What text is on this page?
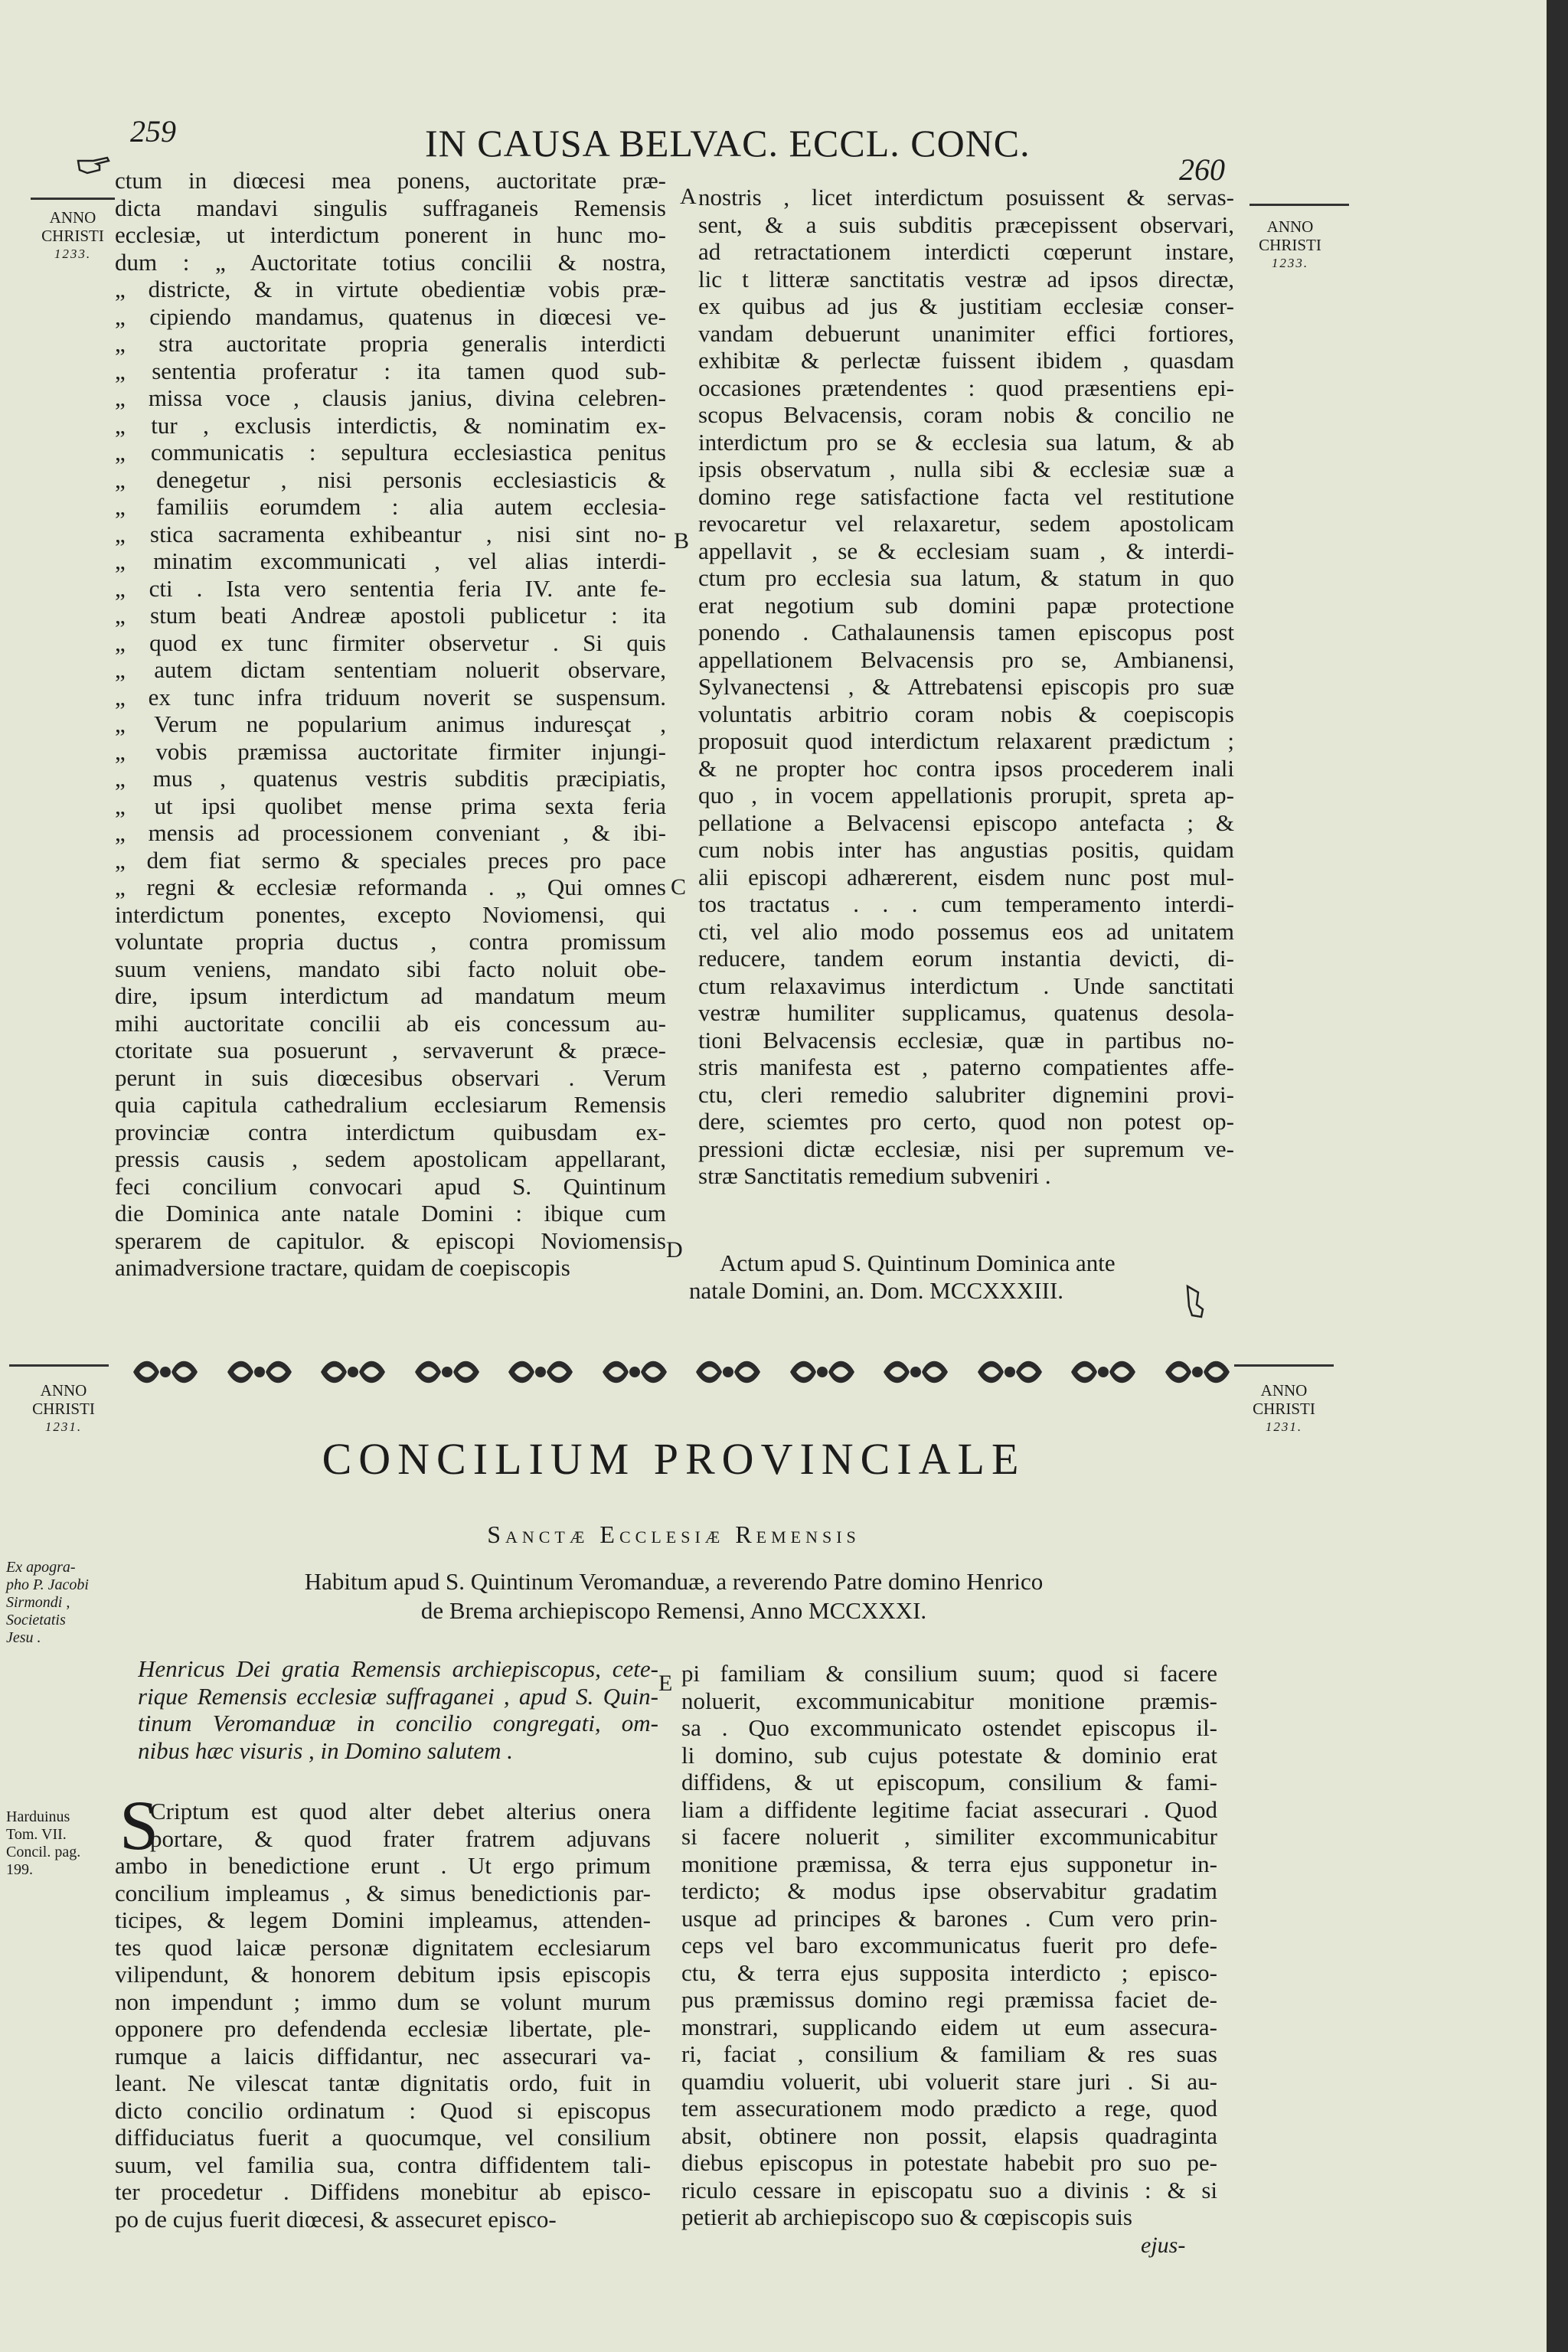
259	IN CAUSA BELVAC. ECCL. CONC.
260
ANNO
CHRISTI
1233.
ANNO
CHRISTI
1233.
A
B
C
D
E
ctum in diœcesi mea ponens, auctoritate præ-
dicta mandavi singulis suffraganeis Remensis
ecclesiæ, ut interdictum ponerent in hunc mo-
dum : „ Auctoritate totius concilii & nostra,
„ districte, & in virtute obedientiæ vobis præ-
„ cipiendo mandamus, quatenus in diœcesi ve-
„ stra auctoritate propria generalis interdicti
„ sententia proferatur : ita tamen quod sub-
„ missa voce , clausis janius, divina celebren-
„ tur , exclusis interdictis, & nominatim ex-
„ communicatis : sepultura ecclesiastica penitus
„ denegetur , nisi personis ecclesiasticis &
„ familiis eorumdem : alia autem ecclesia-
„ stica sacramenta exhibeantur , nisi sint no-
„ minatim excommunicati , vel alias interdi-
„ cti . Ista vero sententia feria IV. ante fe-
„ stum beati Andreæ apostoli publicetur : ita
„ quod ex tunc firmiter observetur . Si quis
„ autem dictam sententiam noluerit observare,
„ ex tunc infra triduum noverit se suspensum.
„ Verum ne popularium animus induresçat ,
„ vobis præmissa auctoritate firmiter injungi-
„ mus , quatenus vestris subditis præcipiatis,
„ ut ipsi quolibet mense prima sexta feria
„ mensis ad processionem conveniant , & ibi-
„ dem fiat sermo & speciales preces pro pace
„ regni & ecclesiæ reformanda . „ Qui omnes
interdictum ponentes, excepto Noviomensi, qui
voluntate propria ductus , contra promissum
suum veniens, mandato sibi facto noluit obe-
dire, ipsum interdictum ad mandatum meum
mihi auctoritate concilii ab eis concessum au-
ctoritate sua posuerunt , servaverunt & præce-
perunt in suis diœcesibus observari . Verum
quia capitula cathedralium ecclesiarum Remensis
provinciæ contra interdictum quibusdam ex-
pressis causis , sedem apostolicam appellarant,
feci concilium convocari apud S. Quintinum
die Dominica ante natale Domini : ibique cum
sperarem de capitulor. & episcopi Noviomensis
animadversione tractare, quidam de coepiscopis
nostris , licet interdictum posuissent & servas-
sent, & a suis subditis præcepissent observari,
ad retractationem interdicti cœperunt instare,
lic t litteræ sanctitatis vestræ ad ipsos directæ,
ex quibus ad jus & justitiam ecclesiæ conser-
vandam debuerunt unanimiter effici fortiores,
exhibitæ & perlectæ fuissent ibidem , quasdam
occasiones prætendentes : quod præsentiens epi-
scopus Belvacensis, coram nobis & concilio ne
interdictum pro se & ecclesia sua latum, & ab
ipsis observatum , nulla sibi & ecclesiæ suæ a
domino rege satisfactione facta vel restitutione
revocaretur vel relaxaretur, sedem apostolicam
appellavit , se & ecclesiam suam , & interdi-
ctum pro ecclesia sua latum, & statum in quo
erat negotium sub domini papæ protectione
ponendo . Cathalaunensis tamen episcopus post
appellationem Belvacensis pro se, Ambianensi,
Sylvanectensi , & Attrebatensi episcopis pro suæ
voluntatis arbitrio coram nobis & coepiscopis
proposuit quod interdictum relaxarent prædictum ;
& ne propter hoc contra ipsos procederem inali
quo , in vocem appellationis prorupit, spreta ap-
pellatione a Belvacensi episcopo antefacta ; &
cum nobis inter has angustias positis, quidam
alii episcopi adhærerent, eisdem nunc post mul-
tos tractatus . . . cum temperamento interdi-
cti, vel alio modo possemus eos ad unitatem
reducere, tandem eorum instantia devicti, di-
ctum relaxavimus interdictum . Unde sanctitati
vestræ humiliter supplicamus, quatenus desola-
tioni Belvacensis ecclesiæ, quæ in partibus no-
stris manifesta est , paterno compatientes affe-
ctu, cleri remedio salubriter dignemini provi-
dere, sciemtes pro certo, quod non potest op-
pressioni dictæ ecclesiæ, nisi per supremum ve-
stræ Sanctitatis remedium subveniri .
Actum apud S. Quintinum Dominica ante
natale Domini, an. Dom. MCCXXXIII.
ANNO
CHRISTI
1231.
ANNO
CHRISTI
1231.
CONCILIUM PROVINCIALE
Sanctæ Ecclesiæ Remensis
Habitum apud S. Quintinum Veromanduæ, a reverendo Patre domino Henrico
de Brema archiepiscopo Remensi, Anno MCCXXXI.
Ex apogra-
pho P. Jacobi
Sirmondi ,
Societatis
Jesu .
Harduinus
Tom. VII.
Concil. pag.
199.
Henricus Dei gratia Remensis archiepiscopus, cete-
rique Remensis ecclesiæ suffraganei , apud S. Quin-
tinum Veromanduæ in concilio congregati, om-
nibus hæc visuris , in Domino salutem .
S
Criptum est quod alter debet alterius onera
portare, & quod frater fratrem adjuvans
ambo in benedictione erunt . Ut ergo primum
concilium impleamus , & simus benedictionis par-
ticipes, & legem Domini impleamus, attenden-
tes quod laicæ personæ dignitatem ecclesiarum
vilipendunt, & honorem debitum ipsis episcopis
non impendunt ; immo dum se volunt murum
opponere pro defendenda ecclesiæ libertate, ple-
rumque a laicis diffidantur, nec assecurari va-
leant. Ne vilescat tantæ dignitatis ordo, fuit in
dicto concilio ordinatum : Quod si episcopus
diffiduciatus fuerit a quocumque, vel consilium
suum, vel familia sua, contra diffidentem tali-
ter procedetur . Diffidens monebitur ab episco-
po de cujus fuerit diœcesi, & assecuret episco-
pi familiam & consilium suum; quod si facere
noluerit, excommunicabitur monitione præmis-
sa . Quo excommunicato ostendet episcopus il-
li domino, sub cujus potestate & dominio erat
diffidens, & ut episcopum, consilium & fami-
liam a diffidente legitime faciat assecurari . Quod
si facere noluerit , similiter excommunicabitur
monitione præmissa, & terra ejus supponetur in-
terdicto; & modus ipse observabitur gradatim
usque ad principes & barones . Cum vero prin-
ceps vel baro excommunicatus fuerit pro defe-
ctu, & terra ejus supposita interdicto ; episco-
pus præmissus domino regi præmissa faciet de-
monstrari, supplicando eidem ut eum assecura-
ri, faciat , consilium & familiam & res suas
quamdiu voluerit, ubi voluerit stare juri . Si au-
tem assecurationem modo prædicto a rege, quod
absit, obtinere non possit, elapsis quadraginta
diebus episcopus in potestate habebit pro suo pe-
riculo cessare in episcopatu suo a divinis : & si
petierit ab archiepiscopo suo & cœpiscopis suis
ejus-
